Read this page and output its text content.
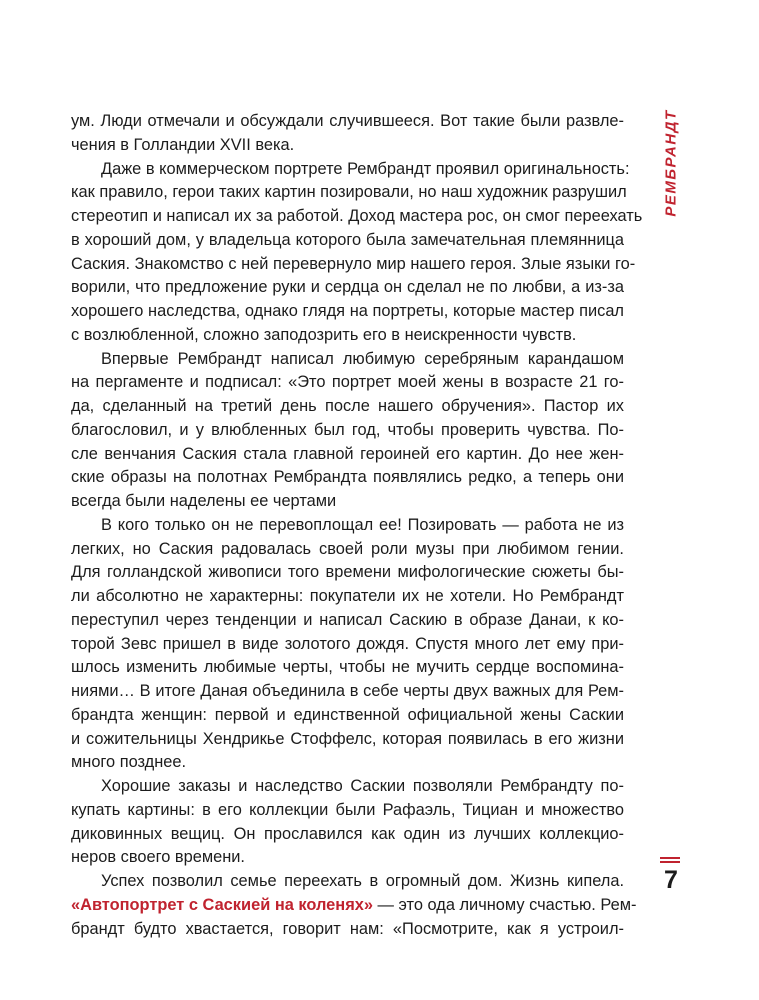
РЕМБРАНДТ
ум. Люди отмечали и обсуждали случившееся. Вот такие были развле-
чения в Голландии XVII века.
Даже в коммерческом портрете Рембрандт проявил оригинальность:
как правило, герои таких картин позировали, но наш художник разрушил
стереотип и написал их за работой. Доход мастера рос, он смог переехать
в хороший дом, у владельца которого была замечательная племянница
Саския. Знакомство с ней перевернуло мир нашего героя. Злые языки го-
ворили, что предложение руки и сердца он сделал не по любви, а из-за
хорошего наследства, однако глядя на портреты, которые мастер писал
с возлюбленной, сложно заподозрить его в неискренности чувств.
Впервые Рембрандт написал любимую серебряным карандашом
на пергаменте и подписал: «Это портрет моей жены в возрасте 21 го-
да, сделанный на третий день после нашего обручения». Пастор их
благословил, и у влюбленных был год, чтобы проверить чувства. По-
сле венчания Саския стала главной героиней его картин. До нее жен-
ские образы на полотнах Рембрандта появлялись редко, а теперь они
всегда были наделены ее чертами
В кого только он не перевоплощал ее! Позировать — работа не из
легких, но Саския радовалась своей роли музы при любимом гении.
Для голландской живописи того времени мифологические сюжеты бы-
ли абсолютно не характерны: покупатели их не хотели. Но Рембрандт
переступил через тенденции и написал Саскию в образе Данаи, к ко-
торой Зевс пришел в виде золотого дождя. Спустя много лет ему при-
шлось изменить любимые черты, чтобы не мучить сердце воспомина-
ниями… В итоге Даная объединила в себе черты двух важных для Рем-
брандта женщин: первой и единственной официальной жены Саскии
и сожительницы Хендрикье Стоффелс, которая появилась в его жизни
много позднее.
Хорошие заказы и наследство Саскии позволяли Рембрандту по-
купать картины: в его коллекции были Рафаэль, Тициан и множество
диковинных вещиц. Он прославился как один из лучших коллекцио-
неров своего времени.
Успех позволил семье переехать в огромный дом. Жизнь кипела.
«Автопортрет с Саскией на коленях» — это ода личному счастью. Рем-
брандт будто хвастается, говорит нам: «Посмотрите, как я устроил-
7
